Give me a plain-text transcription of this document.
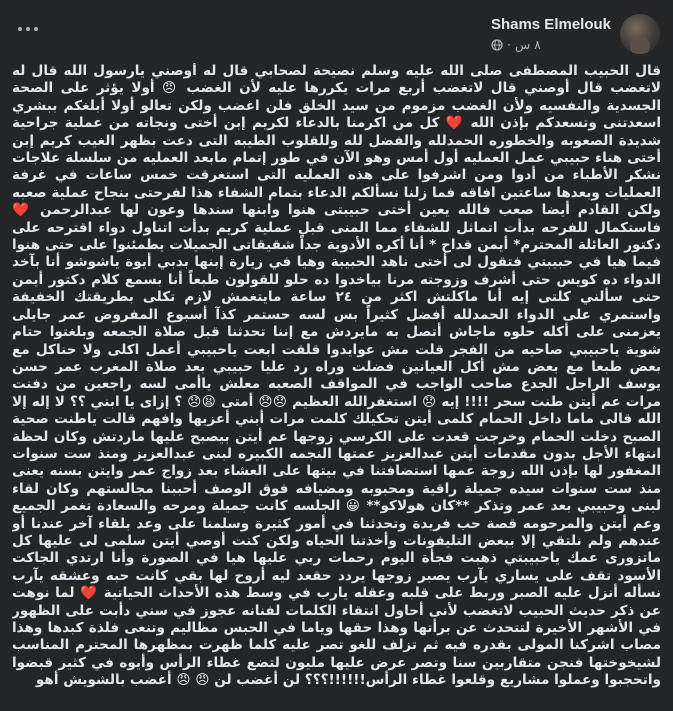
Shams Elmelouk
٨ س
·
قال الحبيب المصطفى صلى الله عليه وسلم نصيحة لصحابي قال له أوصني يارسول الله قال له لاتغضب قال أوصني قال لاتغضب أربع مرات يكررها عليه لأن الغضب 😠 أولا يؤثر على الصحة الجسدية والنفسيه ولأن الغضب مزموم من سيد الخلق فلن اغضب ولكن تعالو أولا أبلغكم ببشري اسعدتنى وتسعدكم بإذن الله ❤️ كل من اكرمنا بالدعاء لكريم إبن أختى ونجاته من عملية جراحية شديدة الصعوبه والخطوره الحمدلله والفضل لله وللقلوب الطيبه التى دعت بظهر الغيب كريم إبن أختى هناء حبيبي عمل العمليه أول أمس وهو الآن في طور إتمام مابعد العمليه من سلسلة علاجات نشكر الأطباء من أدوا ومن اشرفوا على هذه العمليه التى استغرقت خمس ساعات في غرفة العمليات وبعدها ساعتين افاقه فما زلنا نسألكم الدعاء بتمام الشفاء هذا لفرحتى بنجاح عملية صعبه ولكن القادم أيضا صعب فالله يعين أختى حبيبتى هنوا وابنها سندها وعون لها عبدالرحمن ❤️ فاستكمال للفرحه بدأت اتماثل للشفاء مما المنى قبل عملية كريم بدأت اتناول دواء اقترحه على دكتور العائلة المحترم* أيمن قداح * أنا أكره الأدوية جداً شقيقاتى الجميلات يطمئنوا على حتى هنوا فيما هيا في حبيبتي فتقول لى أختى ناهد الحبيبة وهيا في زيارة إبنها بدبي أيوة ياشوشو أنا بآخد الدواء ده كويس حتى أشرف وزوجته مرنا بياخدوا ده حلو للقولون طبعاً أنا بسمع كلام دكتور أيمن حتى سألني كلتى إيه أنا ماكلتش اكثر من ٢٤ ساعة مايتغمش لازم تكلى بطريقتك الخفيفة واستمري على الدواء الحمدلله أفضل كثيراً بس لسه حستمر كذآ أسبوع المفروض عمر جايلى يعزمنى على أكله حلوه ماجاش أتصل به مايردش مع إننا تحدثنا قبل صلاة الجمعه وبلغتوا حتام شوية ياحبيبي صاحيه من الفجر قلت مش عوايدوا قلقت ابعت ياحبيبي أعمل اكلى ولا حناكل مع بعض طبعا مع بعض مش أكل العيانين فضلت وراه رد عليا حبيبي بعد صلاة المغرب عمر حسن يوسف الراجل الجدع صاحب الواجب في المواقف الصعبه معلش ياأمى لسه راجعين من دفنت مرات عم أيتن طنت سحر !!!! إيه 😞 استغفرالله العظيم 😞😞 أمتى 😫😞 ؟ إزاى يا ابني ؟؟ لا إله إلا الله قالى ماما داخل الحمام كلمى أيتن تحكيلك كلمت مرات أبني أعزيها وافهم قالت ياطنت صحية الصبح دخلت الحمام وخرجت قعدت على الكرسي زوجها عم أيتن بيصبح عليها ماردتش وكان لحظة انتهاء الأجل بدون مقدمات أيتن عبدالعزيز عمتها النجمه الكبيره لبنى عبدالعزيز ومنذ ست سنوات المغفور لها بإذن الله زوجة عمها استضافتنا في بيتها على العشاء بعد زواج عمر وايتن بسنه يعنى منذ ست سنوات سيده جميلة راقية ومحبوبه ومضيافه فوق الوصف أحببنا مجالستهم وكان لقاء لبنى وحبيبي بعد عمر وتذكر **كان هولاكو** 😀 الجلسه كانت جميلة ومرحه والسعادة تغمر الجميع وعم أيتن والمرحومه قصة حب فريدة وتحدثنا في أمور كثيرة وسلمنا على وعد بلقاء آخر عندنا أو عندهم ولم نلتقي إلا ببعض التليفونات وأخذتنا الحياه ولكن كنت أوصي أيتن سلمى لى عليها كل ماتزورى عمك ياحبيبتي ذهبت فجأة اليوم رحمات ربي عليها هيا في الصورة وأنا ارتدي الجاكت الأسود تقف على يساري يآرب يصبر زوجها يردد حقعد ليه أروح لها بقي كانت حبه وعشقه يآرب نسأله أنزل عليه الصبر وربط على قلبه وعقله يارب في وسط هذه الأحداث الحياتية ❤️ لما نوهت عن ذكر حديث الحبيب لاتغضب لأنى أحاول انتقاء الكلمات لفنانه عجوز في سني دأبت على الظهور في الأشهر الأخيرة لتتحدث عن برأتها وهذا حقها وياما في الحبس مظاليم وتنعى فلذة كبدها وهذا مصاب اشركنا المولى بقدره فيه ثم تزلف للغو تصر عليه كلما ظهرت بمظهرها المحترم المناسب لشيخوختها فنجن متقاربين سنا وتصر عرض عليها مليون لتضع غطاء الرأس وأيوه في كثير قبضوا واتحجبوا وعملوا مشاريع وقلعوا غطاء الرأس!!!!!!؟؟؟ لن أغضب لن 😠 😠 أغضب بالشويش أهو
